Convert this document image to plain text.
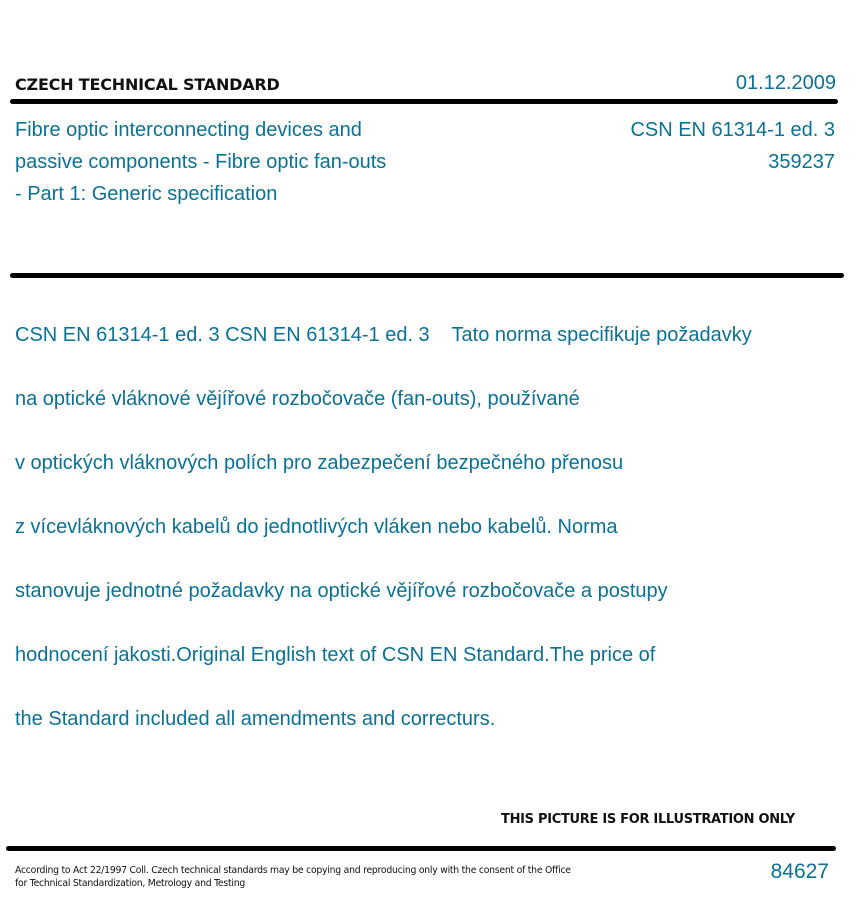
CZECH TECHNICAL STANDARD	01.12.2009
Fibre optic interconnecting devices and
passive components - Fibre optic fan-outs
- Part 1: Generic specification
CSN EN 61314-1 ed. 3
359237

CSN EN 61314-1 ed. 3 CSN EN 61314-1 ed. 3    Tato norma specifikuje požadavky

na optické vláknové vějířové rozbočovače (fan-outs), používané

v optických vláknových polích pro zabezpečení bezpečného přenosu

z vícevláknových kabelů do jednotlivých vláken nebo kabelů. Norma

stanovuje jednotné požadavky na optické vějířové rozbočovače a postupy

hodnocení jakosti.Original English text of CSN EN Standard.The price of

the Standard included all amendments and correcturs.

THIS PICTURE IS FOR ILLUSTRATION ONLY
According to Act 22/1997 Coll. Czech technical standards may be copying and reproducing only with the consent of the Office
for Technical Standardization, Metrology and Testing
84627
